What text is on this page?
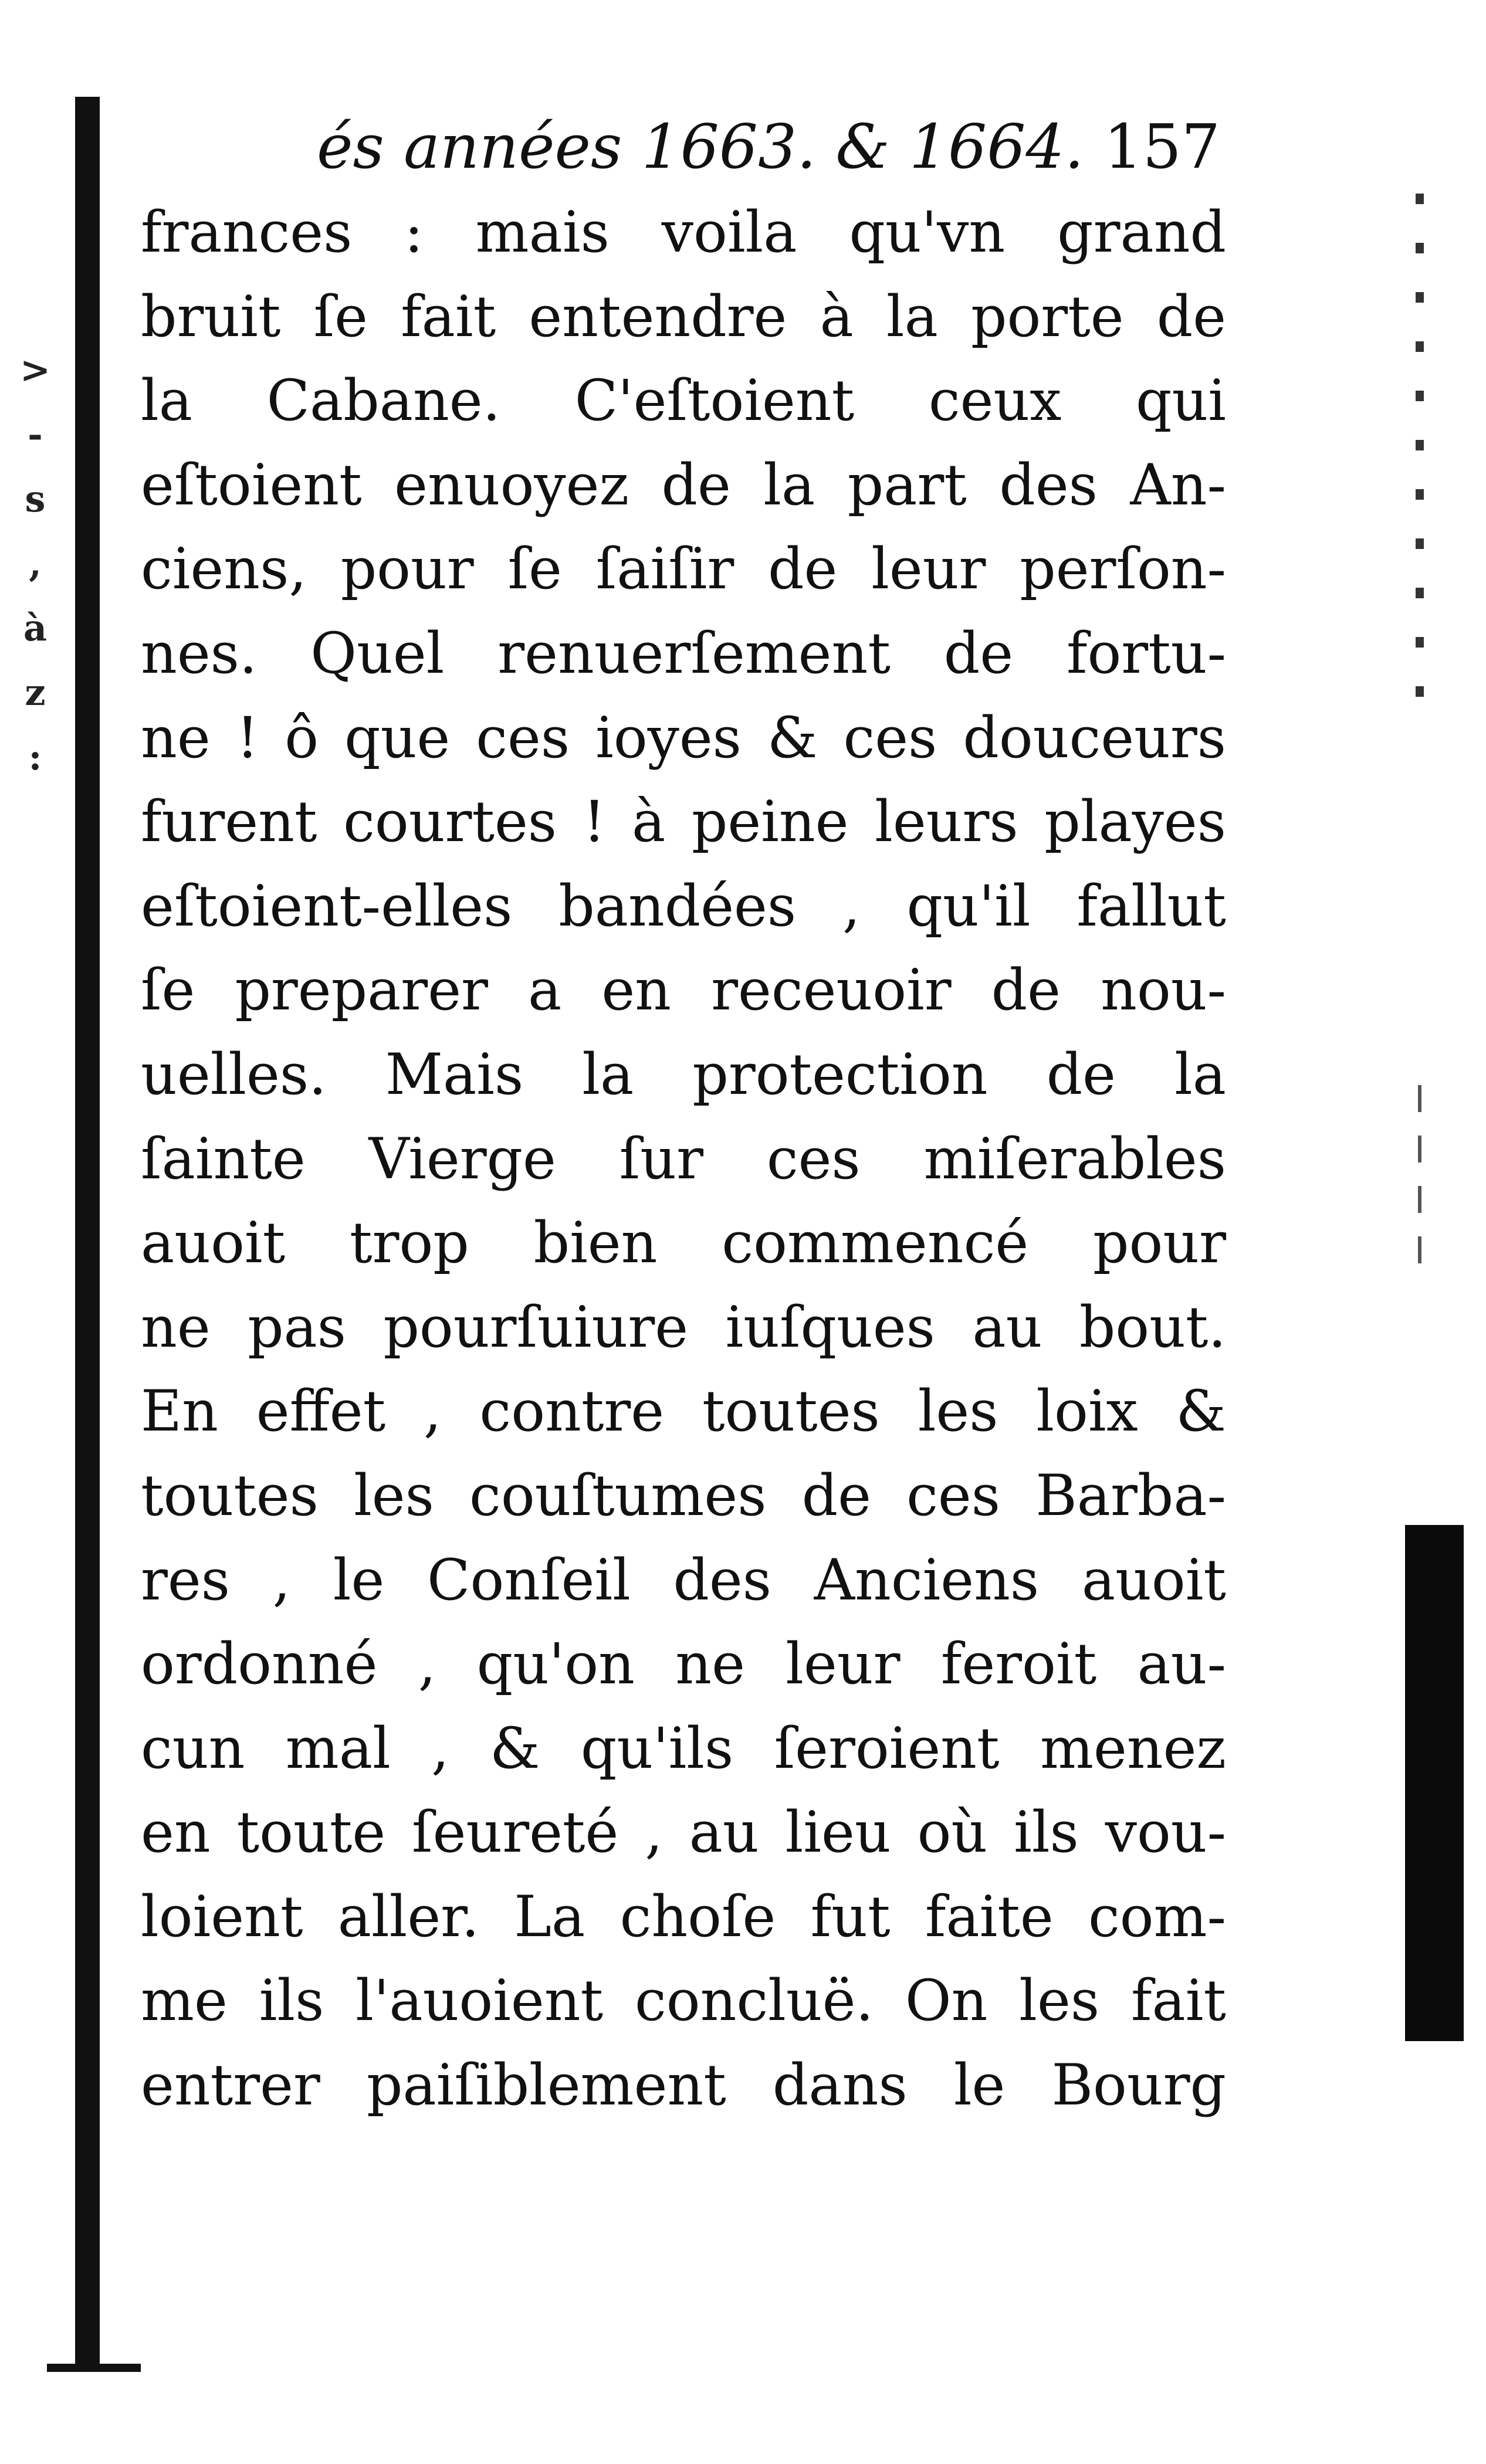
>
-
s
,
à
z
:
és années 1663. & 1664. 157
frances : mais voila qu'vn grand
bruit ſe fait entendre à la porte de
la Cabane. C'eſtoient ceux qui
eſtoient enuoyez de la part des An-
ciens, pour ſe ſaiſir de leur perſon-
nes. Quel renuerſement de fortu-
ne ! ô que ces ioyes & ces douceurs
furent courtes ! à peine leurs playes
eſtoient-elles bandées , qu'il fallut
ſe preparer a en receuoir de nou-
uelles. Mais la protection de la
ſainte Vierge ſur ces miſerables
auoit trop bien commencé pour
ne pas pourſuiure iuſques au bout.
En effet , contre toutes les loix &
toutes les couſtumes de ces Barba-
res , le Conſeil des Anciens auoit
ordonné , qu'on ne leur feroit au-
cun mal , & qu'ils ſeroient menez
en toute ſeureté , au lieu où ils vou-
loient aller. La choſe fut faite com-
me ils l'auoient concluë. On les fait
entrer paiſiblement dans le Bourg
